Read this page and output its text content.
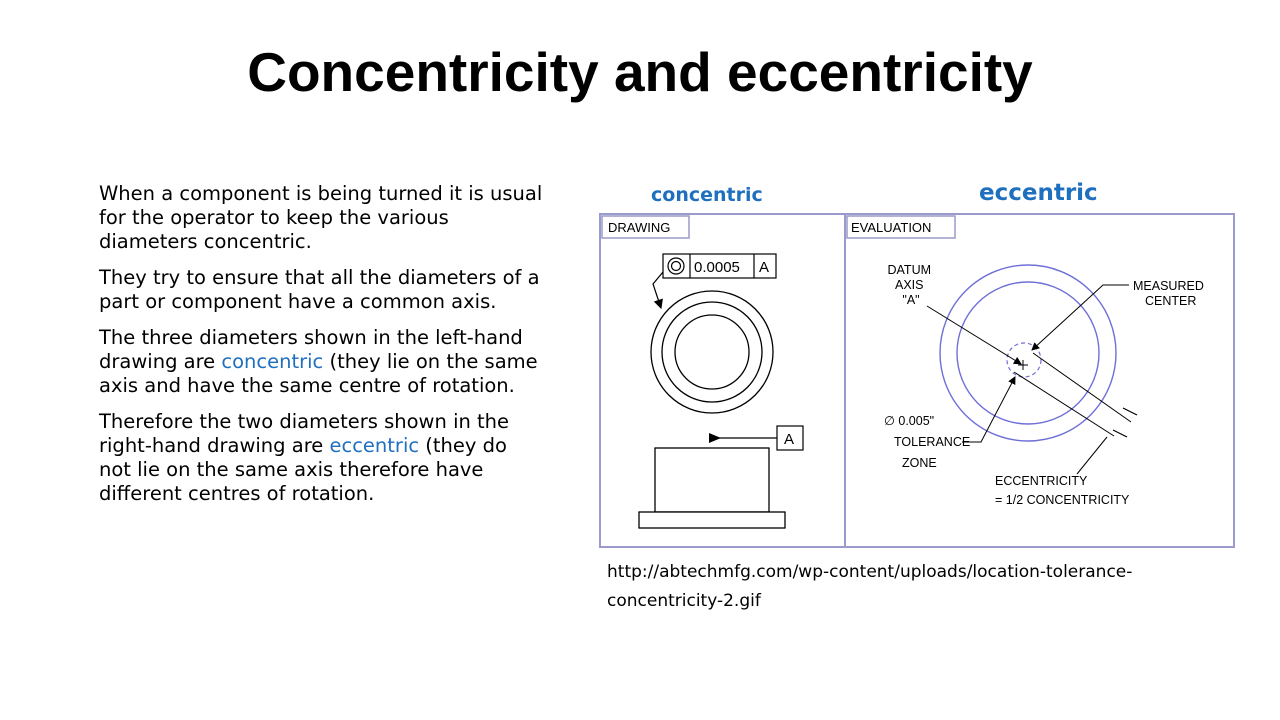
Concentricity and eccentricity

When a component is being turned it is usual for the operator to keep the various diameters concentric.

They try to ensure that all the diameters of a part or component have a common axis.

The three diameters shown in the left-hand drawing are concentric (they lie on the same axis and have the same centre of rotation.

Therefore the two diameters shown in the right-hand drawing are eccentric (they do not lie on the same axis therefore have different centres of rotation.

concentric	eccentric
DRAWING	EVALUATION
0.0005 A
A
DATUM AXIS "A"
MEASURED CENTER
∅ 0.005" TOLERANCE ZONE
ECCENTRICITY = 1/2 CONCENTRICITY
http://abtechmfg.com/wp-content/uploads/location-tolerance-concentricity-2.gif
